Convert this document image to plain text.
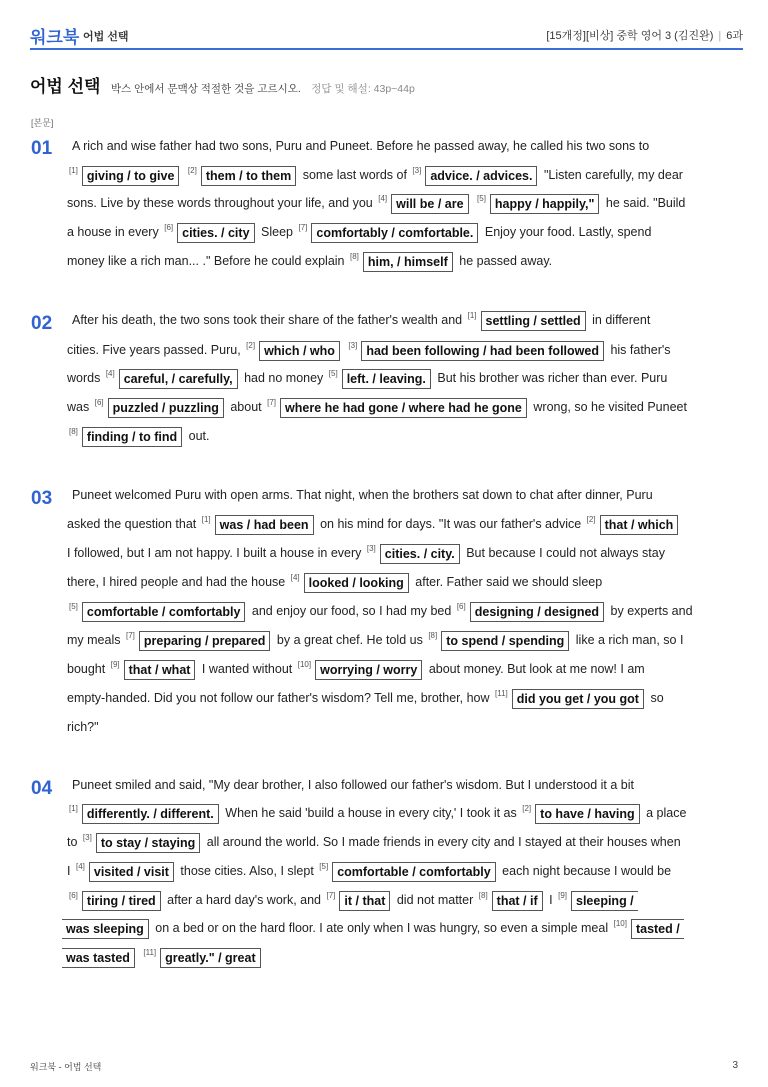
워크북 어법 선택	[15개정][비상] 중학 영어 3 (김진완) | 6과
어법 선택 박스 안에서 문맥상 적절한 것을 고르시오. 정답 및 해설: 43p~44p
[본문]
01 A rich and wise father had two sons, Puru and Puneet. Before he passed away, he called his two sons to
[1] giving / to give [2] them / to them some last words of [3] advice. / advices. "Listen carefully, my dear
sons. Live by these words throughout your life, and you [4] will be / are [5] happy / happily," he said. "Build
a house in every [6] cities. / city Sleep [7] comfortably / comfortable. Enjoy your food. Lastly, spend
money like a rich man... ." Before he could explain [8] him, / himself he passed away.
02 After his death, the two sons took their share of the father's wealth and [1] settling / settled in different
cities. Five years passed. Puru, [2] which / who [3] had been following / had been followed his father's
words [4] careful, / carefully, had no money [5] left. / leaving. But his brother was richer than ever. Puru
was [6] puzzled / puzzling about [7] where he had gone / where had he gone wrong, so he visited Puneet
[8] finding / to find out.
03 Puneet welcomed Puru with open arms. That night, when the brothers sat down to chat after dinner, Puru
asked the question that [1] was / had been on his mind for days. "It was our father's advice [2] that / which
I followed, but I am not happy. I built a house in every [3] cities. / city. But because I could not always stay
there, I hired people and had the house [4] looked / looking after. Father said we should sleep
[5] comfortable / comfortably and enjoy our food, so I had my bed [6] designing / designed by experts and
my meals [7] preparing / prepared by a great chef. He told us [8] to spend / spending like a rich man, so I
bought [9] that / what I wanted without [10] worrying / worry about money. But look at me now! I am
empty-handed. Did you not follow our father's wisdom? Tell me, brother, how [11] did you get / you got so
rich?"
04 Puneet smiled and said, "My dear brother, I also followed our father's wisdom. But I understood it a bit
[1] differently. / different. When he said 'build a house in every city,' I took it as [2] to have / having a place
to [3] to stay / staying all around the world. So I made friends in every city and I stayed at their houses when
I [4] visited / visit those cities. Also, I slept [5] comfortable / comfortably each night because I would be
[6] tiring / tired after a hard day's work, and [7] it / that did not matter [8] that / if I [9] sleeping /
was sleeping on a bed or on the hard floor. I ate only when I was hungry, so even a simple meal [10] tasted /
was tasted [11] greatly." / great
워크북 - 어법 선택	3
